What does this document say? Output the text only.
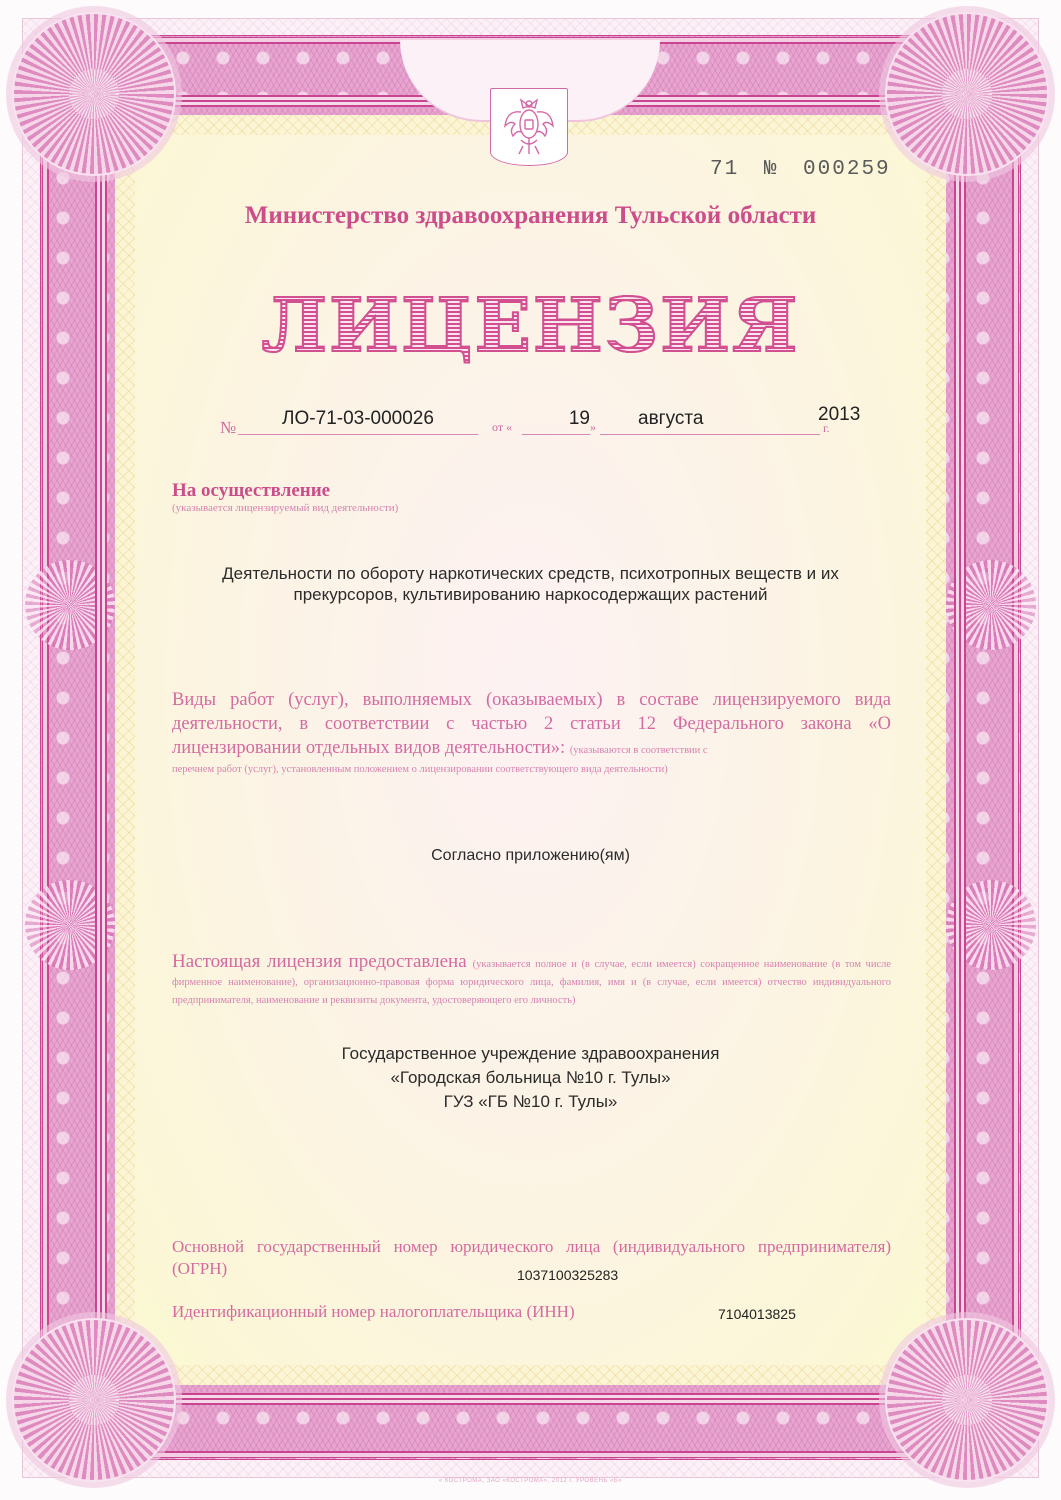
71 № 000259
Министерство здравоохранения Тульской области
ЛИЦЕНЗИЯ
№	ЛО-71-03-000026	от «	19 »	августа	2013
г.
На осуществление
(указывается лицензируемый вид деятельности)
Деятельности по обороту наркотических средств, психотропных веществ и их прекурсоров, культивированию наркосодержащих растений
Виды работ (услуг), выполняемых (оказываемых) в составе лицензируемого вида деятельности, в соответствии с частью 2 статьи 12 Федерального закона «О лицензировании отдельных видов деятельности»: (указываются в соответствии с
перечнем работ (услуг), установленным положением о лицензировании соответствующего вида деятельности)
Согласно приложению(ям)
Настоящая лицензия предоставлена (указывается полное и (в случае, если имеется) сокращенное наименование (в том числе фирменное наименование), организационно-правовая форма юридического лица, фамилия, имя и (в случае, если имеется) отчество индивидуального предпринимателя, наименование и реквизиты документа, удостоверяющего его личность)
Государственное учреждение здравоохранения
«Городская больница №10 г. Тулы»
ГУЗ «ГБ №10 г. Тулы»
Основной государственный номер юридического лица (индивидуального предпринимателя)(ОГРН)	1037100325283
Идентификационный номер налогоплательщика (ИНН)	7104013825
« КОСТРОМА, ЗАО «КОСТРОМА», 2012 г. УРОВЕНЬ «Б»
